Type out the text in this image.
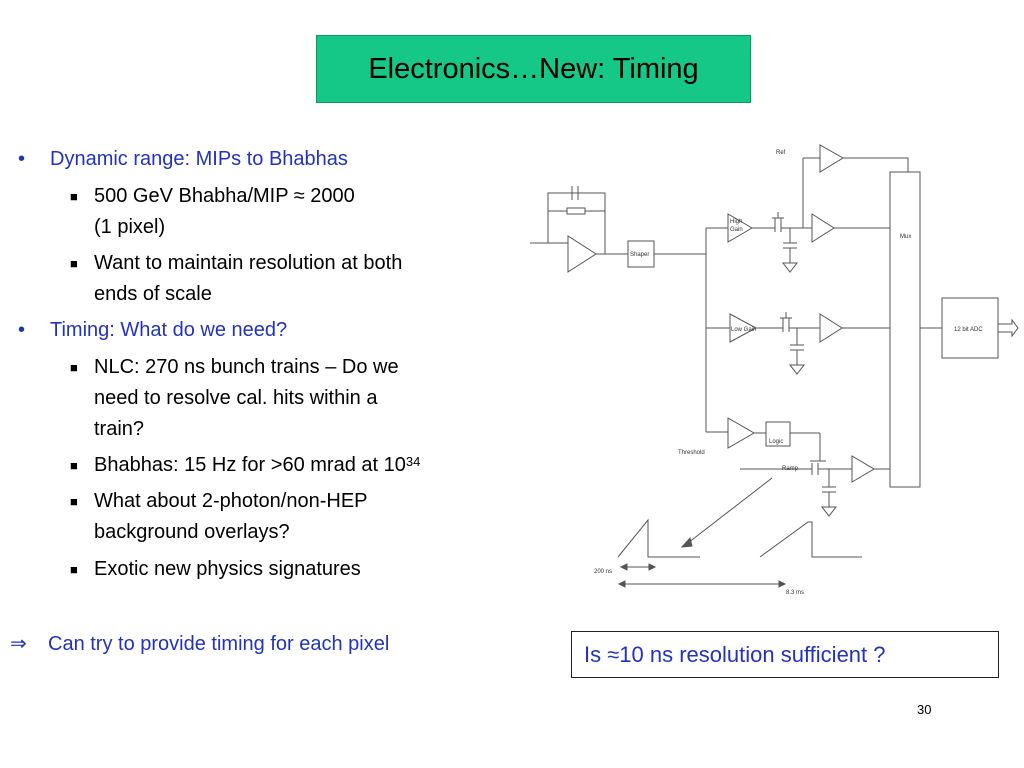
Electronics…New: Timing
• Dynamic range: MIPs to Bhabhas
■ 500 GeV Bhabha/MIP ≈ 2000
(1 pixel)
■ Want to maintain resolution at both
ends of scale
• Timing: What do we need?
■ NLC: 270 ns bunch trains – Do we
need to resolve cal. hits within a
train?
■ Bhabhas: 15 Hz for >60 mrad at $10^{34}$
■ What about 2-photon/non-HEP
background overlays?
■ Exotic new physics signatures
⇒ Can try to provide timing for each pixel	Is ≈10 ns resolution sufficient ?
30
Ref
High
Gain
Shaper
Mux
Low Gain	12 bit ADC
Logic
Threshold
Ramp
200 ns
8.3 ms
